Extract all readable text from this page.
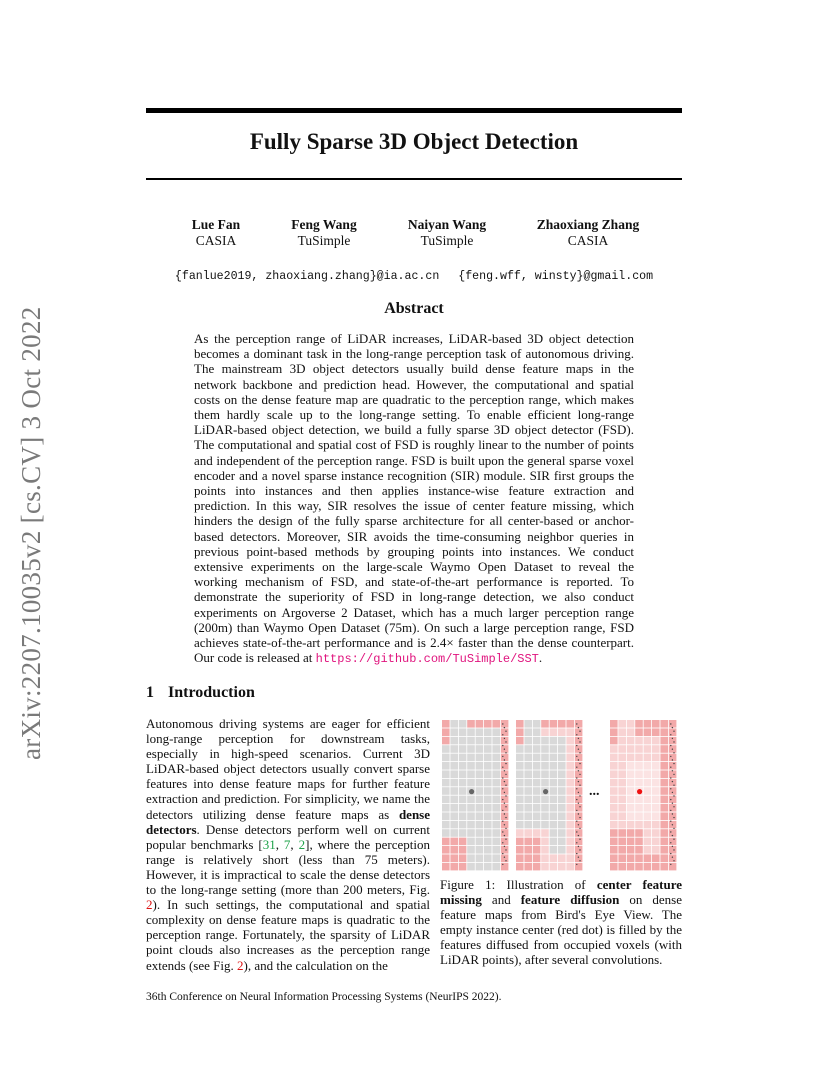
arXiv:2207.10035v2 [cs.CV] 3 Oct 2022
Fully Sparse 3D Object Detection
Lue Fan
CASIA
Feng Wang
TuSimple
Naiyan Wang
TuSimple
Zhaoxiang Zhang
CASIA
{fanlue2019, zhaoxiang.zhang}@ia.ac.cn {feng.wff, winsty}@gmail.com
Abstract
As the perception range of LiDAR increases, LiDAR-based 3D object detection becomes a dominant task in the long-range perception task of autonomous driving. The mainstream 3D object detectors usually build dense feature maps in the network backbone and prediction head. However, the computational and spatial costs on the dense feature map are quadratic to the perception range, which makes them hardly scale up to the long-range setting. To enable efficient long-range LiDAR-based object detection, we build a fully sparse 3D object detector (FSD). The computational and spatial cost of FSD is roughly linear to the number of points and independent of the perception range. FSD is built upon the general sparse voxel encoder and a novel sparse instance recognition (SIR) module. SIR first groups the points into instances and then applies instance-wise feature extraction and prediction. In this way, SIR resolves the issue of center feature missing, which hinders the design of the fully sparse architecture for all center-based or anchor-based detectors. Moreover, SIR avoids the time-consuming neighbor queries in previous point-based methods by grouping points into instances. We conduct extensive experiments on the large-scale Waymo Open Dataset to reveal the working mechanism of FSD, and state-of-the-art performance is reported. To demonstrate the superiority of FSD in long-range detection, we also conduct experiments on Argoverse 2 Dataset, which has a much larger perception range (200m) than Waymo Open Dataset (75m). On such a large perception range, FSD achieves state-of-the-art performance and is 2.4× faster than the dense counterpart. Our code is released at https://github.com/TuSimple/SST.
1 Introduction
Autonomous driving systems are eager for efficient long-range perception for downstream tasks, especially in high-speed scenarios. Current 3D LiDAR-based object detectors usually convert sparse features into dense feature maps for further feature extraction and prediction. For simplicity, we name the detectors utilizing dense feature maps as dense detectors. Dense detectors perform well on current popular benchmarks [31, 7, 2], where the perception range is relatively short (less than 75 meters). However, it is impractical to scale the dense detectors to the long-range setting (more than 200 meters, Fig. 2). In such settings, the computational and spatial complexity on dense feature maps is quadratic to the perception range. Fortunately, the sparsity of LiDAR point clouds also increases as the perception range extends (see Fig. 2), and the calculation on the
...
Figure 1: Illustration of center feature missing and feature diffusion on dense feature maps from Bird's Eye View. The empty instance center (red dot) is filled by the features diffused from occupied voxels (with LiDAR points), after several convolutions.
36th Conference on Neural Information Processing Systems (NeurIPS 2022).
